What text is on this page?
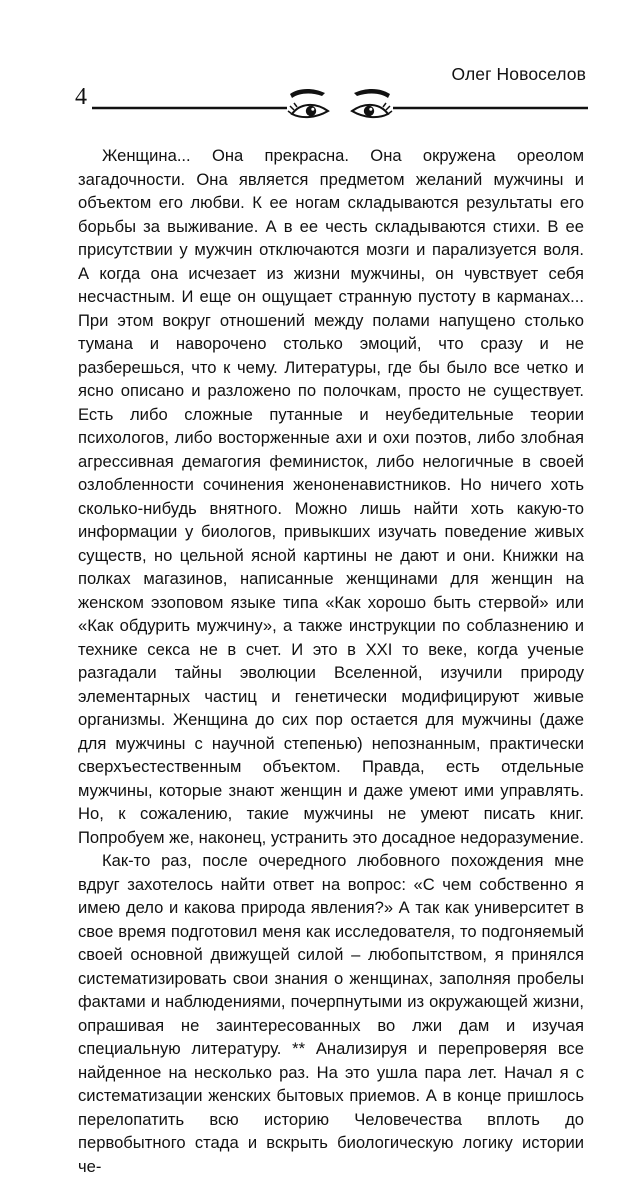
Олег Новоселов
4

Женщина... Она прекрасна. Она окружена ореолом загадочности. Она является предметом желаний мужчины и объектом его любви. К ее ногам складываются результаты его борьбы за выживание. А в ее честь складываются стихи. В ее присутствии у мужчин отключаются мозги и парализуется воля. А когда она исчезает из жизни мужчины, он чувствует себя несчастным. И еще он ощущает странную пустоту в карманах... При этом вокруг отношений между полами напущено столько тумана и наворочено столько эмоций, что сразу и не разберешься, что к чему. Литературы, где бы было все четко и ясно описано и разложено по полочкам, просто не существует. Есть либо сложные путанные и неубедительные теории психологов, либо восторженные ахи и охи поэтов, либо злобная агрессивная демагогия феминисток, либо нелогичные в своей озлобленности сочинения женоненавистников. Но ничего хоть сколько-нибудь внятного. Можно лишь найти хоть какую-то информации у биологов, привыкших изучать поведение живых существ, но цельной ясной картины не дают и они. Книжки на полках магазинов, написанные женщинами для женщин на женском эзоповом языке типа «Как хорошо быть стервой» или «Как обдурить мужчину», а также инструкции по соблазнению и технике секса не в счет. И это в XXI то веке, когда ученые разгадали тайны эволюции Вселенной, изучили природу элементарных частиц и генетически модифицируют живые организмы. Женщина до сих пор остается для мужчины (даже для мужчины с научной степенью) непознанным, практически сверхъестественным объектом. Правда, есть отдельные мужчины, которые знают женщин и даже умеют ими управлять. Но, к сожалению, такие мужчины не умеют писать книг. Попробуем же, наконец, устранить это досадное недоразумение.

Как-то раз, после очередного любовного похождения мне вдруг захотелось найти ответ на вопрос: «С чем собственно я имею дело и какова природа явления?» А так как университет в свое время подготовил меня как исследователя, то подгоняемый своей основной движущей силой – любопытством, я принялся систематизировать свои знания о женщинах, заполняя пробелы фактами и наблюдениями, почерпнутыми из окружающей жизни, опрашивая не заинтересованных во лжи дам и изучая специальную литературу. ** Анализируя и перепроверяя все найденное на несколько раз. На это ушла пара лет. Начал я с систематизации женских бытовых приемов. А в конце пришлось перелопатить всю историю Человечества вплоть до первобытного стада и вскрыть биологическую логику истории че-
